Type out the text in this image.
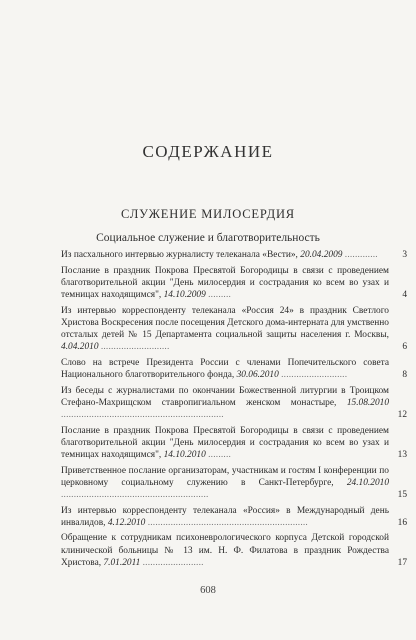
СОДЕРЖАНИЕ
СЛУЖЕНИЕ МИЛОСЕРДИЯ
Социальное служение и благотворительность
Из пасхального интервью журналисту телеканала «Вести», 20.04.2009 .............	3
Послание в праздник Покрова Пресвятой Богородицы в связи с проведением благотворительной акции "День милосердия и сострадания ко всем во узах и темницах находящимся", 14.10.2009 .........	4
Из интервью корреспонденту телеканала «Россия 24» в праздник Светлого Христова Воскресения после посещения Детского дома-интерната для умственно отсталых детей № 15 Департамента социальной защиты населения г. Москвы, 4.04.2010 ...........................	6
Слово на встрече Президента России с членами Попечительского совета Национального благотворительного фонда, 30.06.2010 ..........................	8
Из беседы с журналистами по окончании Божественной литургии в Троицком Стефано-Махрищском ставропигиальном женском монастыре, 15.08.2010 ................................................................	12
Послание в праздник Покрова Пресвятой Богородицы в связи с проведением благотворительной акции "День милосердия и сострадания ко всем во узах и темницах находящимся", 14.10.2010 .........	13
Приветственное послание организаторам, участникам и гостям I конференции по церковному социальному служению в Санкт-Петербурге, 24.10.2010 ..........................................................	15
Из интервью корреспонденту телеканала «Россия» в Международный день инвалидов, 4.12.2010 ...............................................................	16
Обращение к сотрудникам психоневрологического корпуса Детской городской клинической больницы № 13 им. Н. Ф. Филатова в праздник Рождества Христова, 7.01.2011 ........................	17
608
